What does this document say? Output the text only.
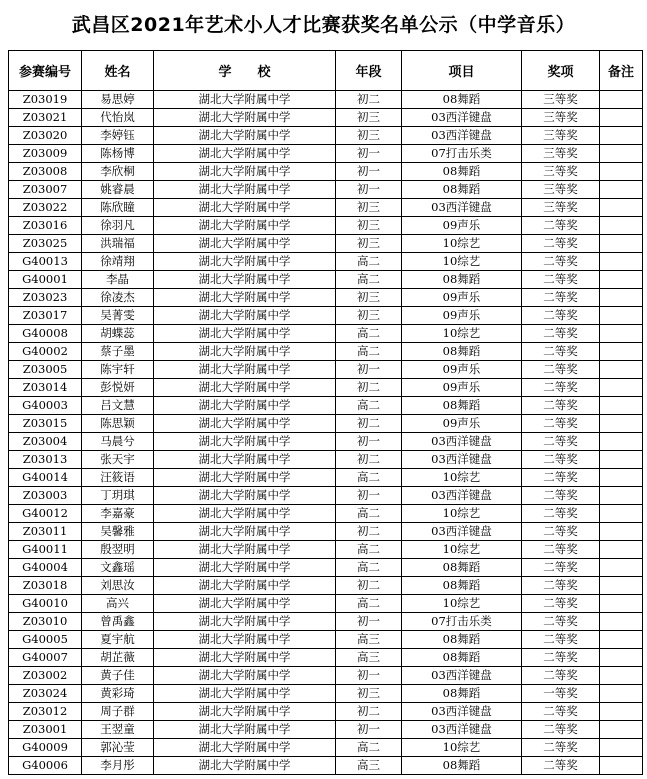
武昌区2021年艺术小人才比赛获奖名单公示（中学音乐）
参赛编号	姓名	学　　校	年段	项目	奖项	备注
Z03019	易思婷	湖北大学附属中学	初二	08舞蹈	三等奖	
Z03021	代怡岚	湖北大学附属中学	初三	03西洋键盘	三等奖	
Z03020	李婷钰	湖北大学附属中学	初三	03西洋键盘	三等奖	
Z03009	陈杨博	湖北大学附属中学	初一	07打击乐类	三等奖	
Z03008	李欣桐	湖北大学附属中学	初一	08舞蹈	三等奖	
Z03007	姚睿晨	湖北大学附属中学	初一	08舞蹈	三等奖	
Z03022	陈欣瞳	湖北大学附属中学	初三	03西洋键盘	三等奖	
Z03016	徐羽凡	湖北大学附属中学	初三	09声乐	二等奖	
Z03025	洪瑞福	湖北大学附属中学	初三	10综艺	二等奖	
G40013	徐靖翔	湖北大学附属中学	高二	10综艺	二等奖	
G40001	李晶	湖北大学附属中学	高二	08舞蹈	二等奖	
Z03023	徐凌杰	湖北大学附属中学	初三	09声乐	二等奖	
Z03017	吴菁雯	湖北大学附属中学	初三	09声乐	二等奖	
G40008	胡蝶蕊	湖北大学附属中学	高二	10综艺	二等奖	
G40002	蔡子墨	湖北大学附属中学	高二	08舞蹈	二等奖	
Z03005	陈宇轩	湖北大学附属中学	初一	09声乐	二等奖	
Z03014	彭悦妍	湖北大学附属中学	初二	09声乐	二等奖	
G40003	吕文慧	湖北大学附属中学	高二	08舞蹈	二等奖	
Z03015	陈思颖	湖北大学附属中学	初二	09声乐	二等奖	
Z03004	马晨兮	湖北大学附属中学	初一	03西洋键盘	二等奖	
Z03013	张天宇	湖北大学附属中学	初二	03西洋键盘	二等奖	
G40014	汪筱语	湖北大学附属中学	高二	10综艺	二等奖	
Z03003	丁玥琪	湖北大学附属中学	初一	03西洋键盘	二等奖	
G40012	李嘉豪	湖北大学附属中学	高二	10综艺	二等奖	
Z03011	吴馨雅	湖北大学附属中学	初二	03西洋键盘	二等奖	
G40011	殷翌明	湖北大学附属中学	高二	10综艺	二等奖	
G40004	文鑫瑶	湖北大学附属中学	高二	08舞蹈	二等奖	
Z03018	刘思汝	湖北大学附属中学	初二	08舞蹈	二等奖	
G40010	高兴	湖北大学附属中学	高二	10综艺	二等奖	
Z03010	曾禹鑫	湖北大学附属中学	初一	07打击乐类	二等奖	
G40005	夏宇航	湖北大学附属中学	高三	08舞蹈	二等奖	
G40007	胡芷薇	湖北大学附属中学	高三	08舞蹈	二等奖	
Z03002	黄子佳	湖北大学附属中学	初一	03西洋键盘	二等奖	
Z03024	黄彩琦	湖北大学附属中学	初三	08舞蹈	一等奖	
Z03012	周子群	湖北大学附属中学	初二	03西洋键盘	二等奖	
Z03001	王翌童	湖北大学附属中学	初一	03西洋键盘	二等奖	
G40009	郭沁莹	湖北大学附属中学	高二	10综艺	二等奖	
G40006	李月彤	湖北大学附属中学	高三	08舞蹈	二等奖	
